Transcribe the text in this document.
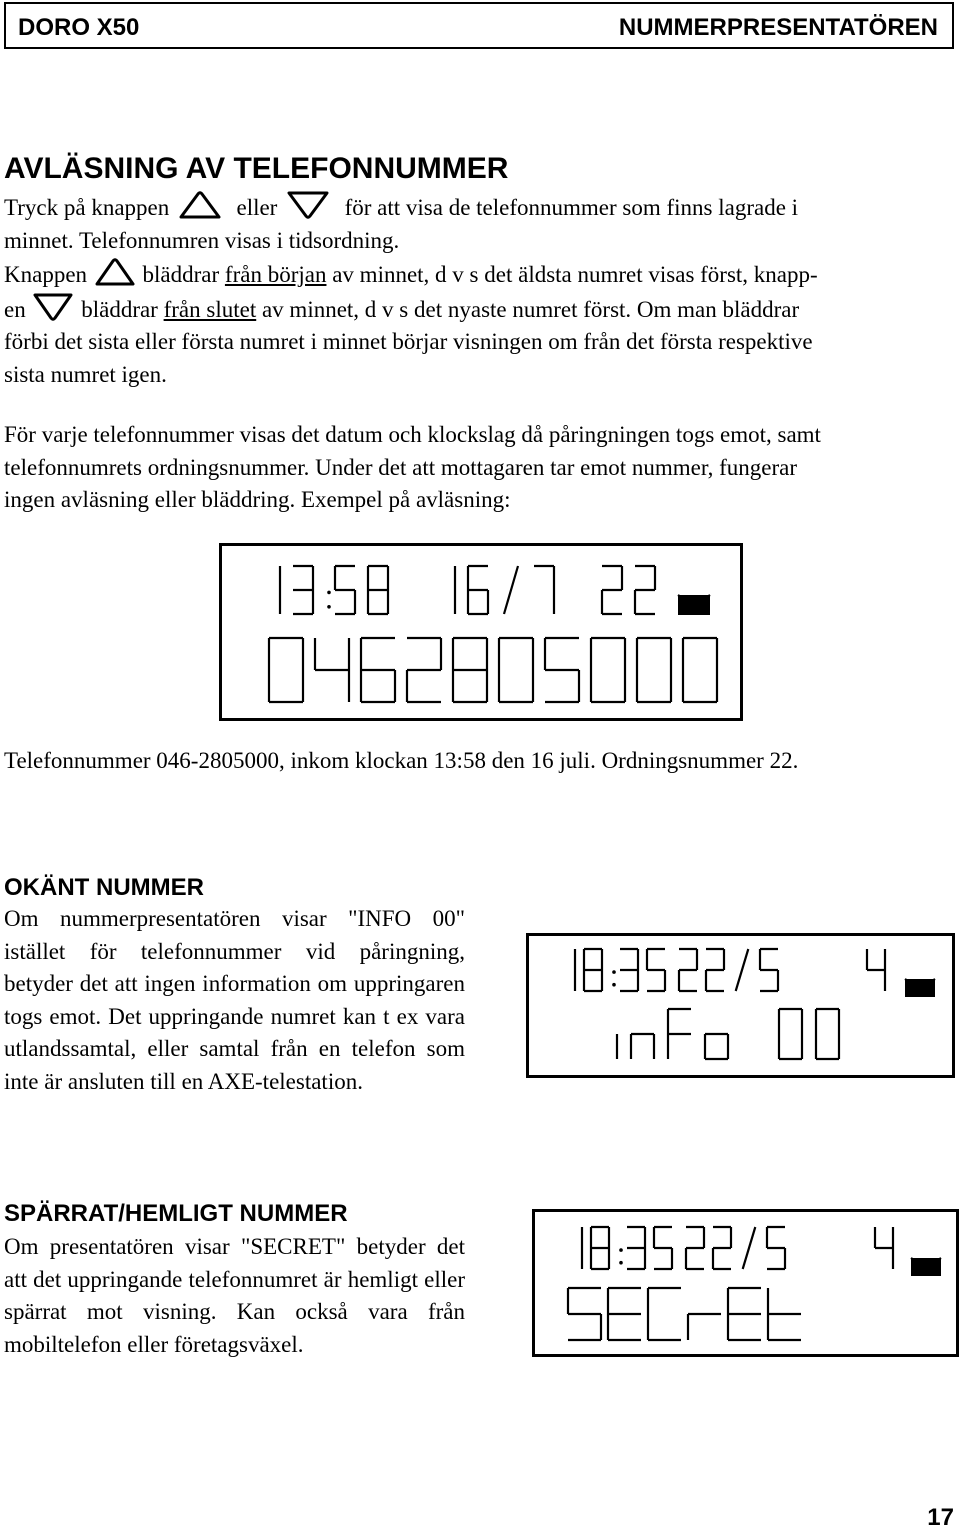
DORO X50	NUMMERPRESENTATÖREN
AVLÄSNING AV TELEFONNUMMER

Tryck på knappen	eller	för att visa de telefonnummer som finns lagrade i
minnet. Telefonnumren visas i tidsordning.
Knappen bläddrar från början av minnet, d v s det äldsta numret visas först, knapp-
en bläddrar från slutet av minnet, d v s det nyaste numret först. Om man bläddrar
förbi det sista eller första numret i minnet börjar visningen om från det första respektive
sista numret igen.

För varje telefonnummer visas det datum och klockslag då påringningen togs emot, samt
telefonnumrets ordningsnummer. Under det att mottagaren tar emot nummer, fungerar
ingen avläsning eller bläddring. Exempel på avläsning:

Telefonnummer 046-2805000, inkom klockan 13:58 den 16 juli. Ordningsnummer 22.

OKÄNT NUMMER

Om nummerpresentatören visar "INFO 00" istället för telefonnummer vid påringning, betyder det att ingen information om uppringaren togs emot. Det uppringande numret kan t ex vara utlandssamtal, eller samtal från en telefon som inte är ansluten till en AXE-telestation.

SPÄRRAT/HEMLIGT NUMMER

Om presentatören visar "SECRET" betyder det att det uppringande telefonnumret är hemligt eller spärrat mot visning. Kan också vara från mobiltelefon eller företagsväxel.

17
